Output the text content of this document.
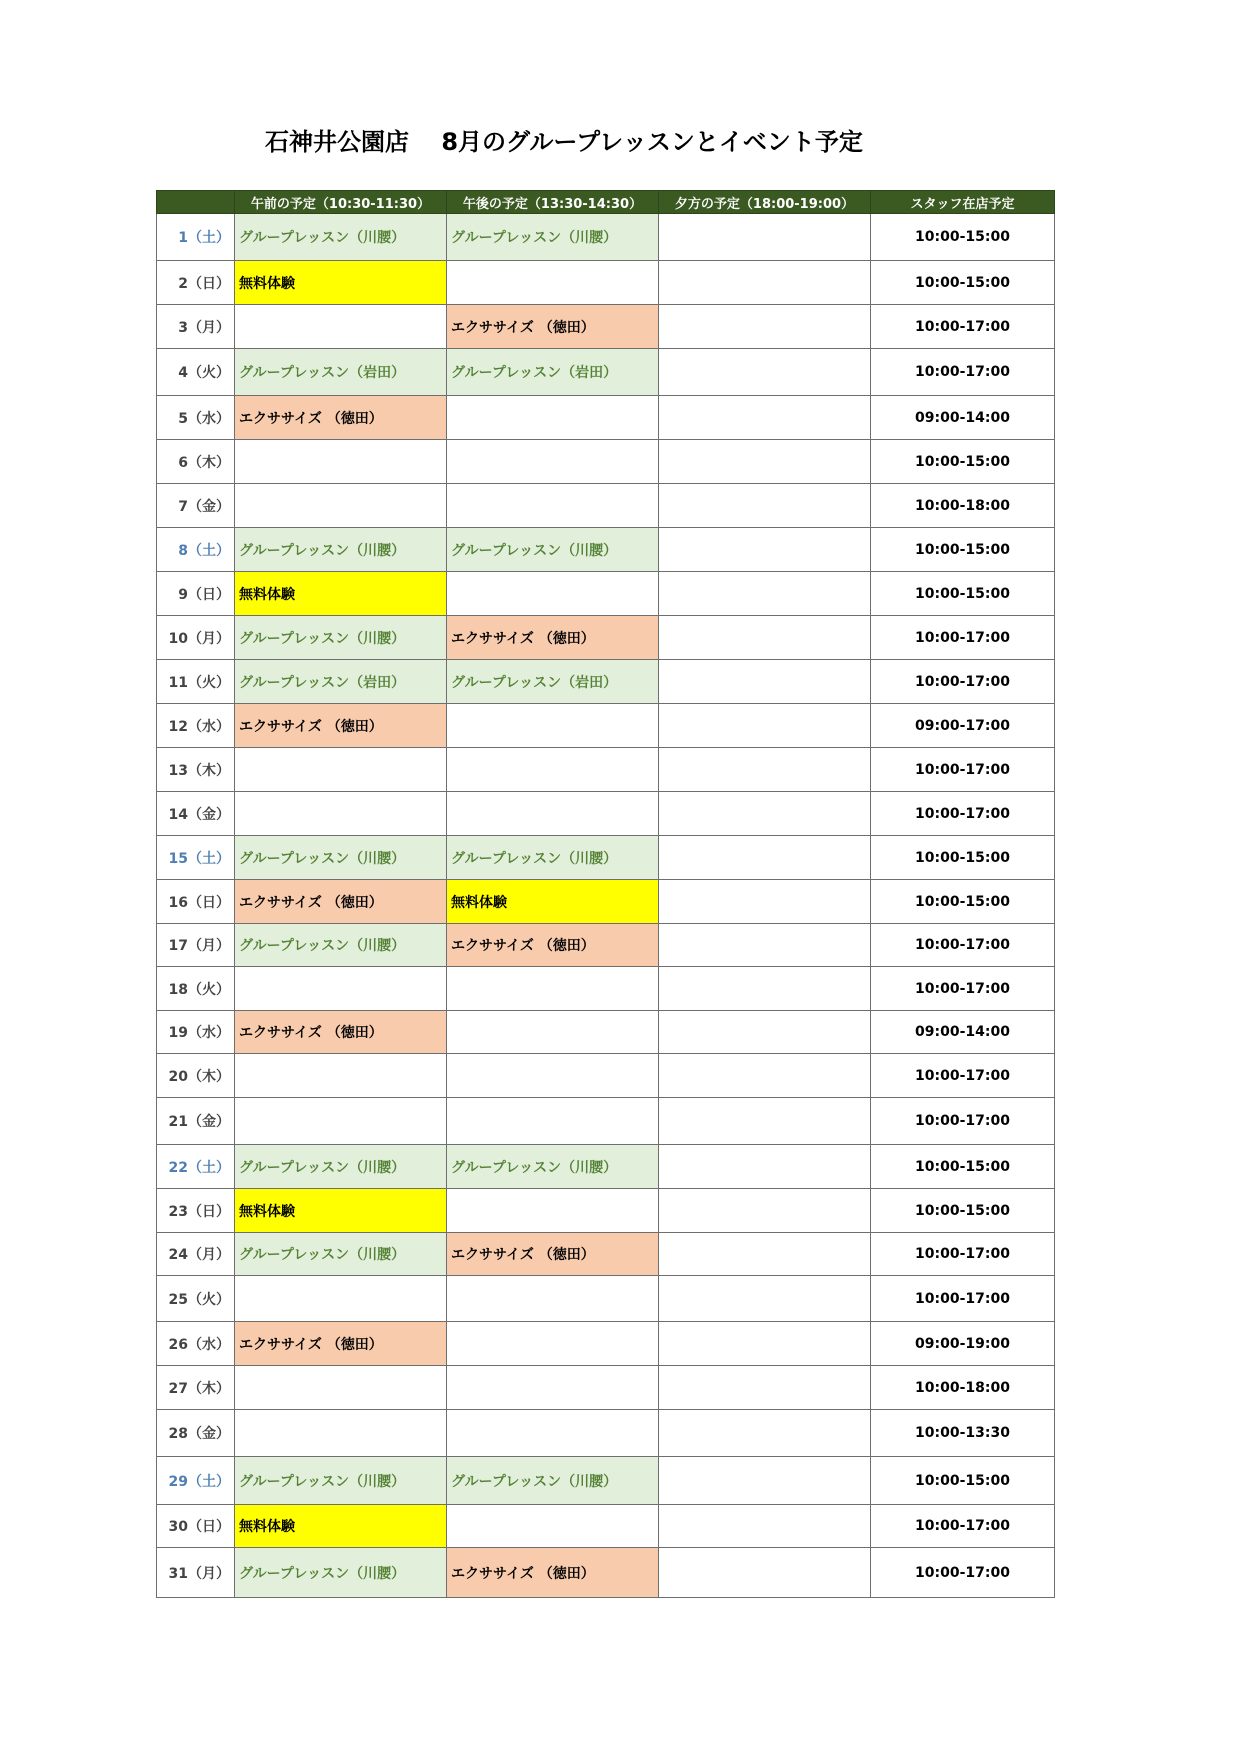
石神井公園店　 8月のグループレッスンとイベント予定
	午前の予定（10:30-11:30）	午後の予定（13:30-14:30）	夕方の予定（18:00-19:00）	スタッフ在店予定
1（土）	グループレッスン（川腰）	グループレッスン（川腰）		10:00-15:00
2（日）	無料体験			10:00-15:00
3（月）		エクササイズ （徳田）		10:00-17:00
4（火）	グループレッスン（岩田）	グループレッスン（岩田）		10:00-17:00
5（水）	エクササイズ （徳田）			09:00-14:00
6（木）				10:00-15:00
7（金）				10:00-18:00
8（土）	グループレッスン（川腰）	グループレッスン（川腰）		10:00-15:00
9（日）	無料体験			10:00-15:00
10（月）	グループレッスン（川腰）	エクササイズ （徳田）		10:00-17:00
11（火）	グループレッスン（岩田）	グループレッスン（岩田）		10:00-17:00
12（水）	エクササイズ （徳田）			09:00-17:00
13（木）				10:00-17:00
14（金）				10:00-17:00
15（土）	グループレッスン（川腰）	グループレッスン（川腰）		10:00-15:00
16（日）	エクササイズ （徳田）	無料体験		10:00-15:00
17（月）	グループレッスン（川腰）	エクササイズ （徳田）		10:00-17:00
18（火）				10:00-17:00
19（水）	エクササイズ （徳田）			09:00-14:00
20（木）				10:00-17:00
21（金）				10:00-17:00
22（土）	グループレッスン（川腰）	グループレッスン（川腰）		10:00-15:00
23（日）	無料体験			10:00-15:00
24（月）	グループレッスン（川腰）	エクササイズ （徳田）		10:00-17:00
25（火）				10:00-17:00
26（水）	エクササイズ （徳田）			09:00-19:00
27（木）				10:00-18:00
28（金）				10:00-13:30
29（土）	グループレッスン（川腰）	グループレッスン（川腰）		10:00-15:00
30（日）	無料体験			10:00-17:00
31（月）	グループレッスン（川腰）	エクササイズ （徳田）		10:00-17:00
